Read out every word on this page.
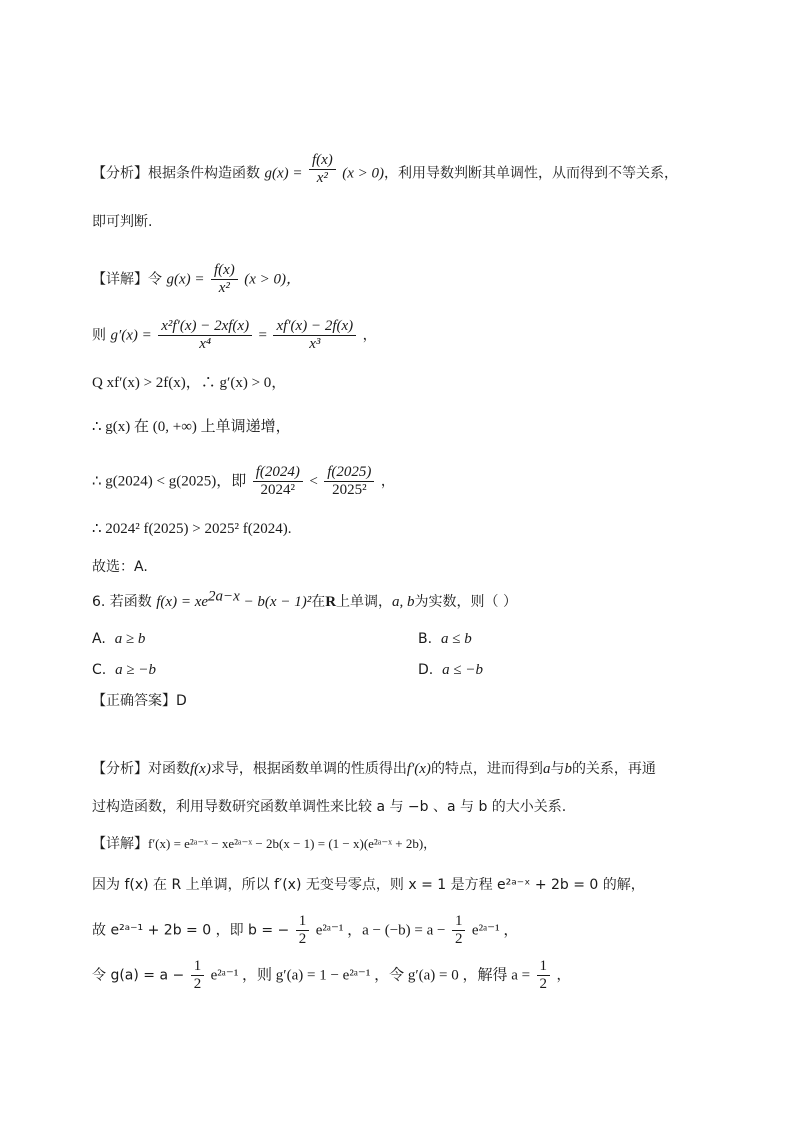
【分析】根据条件构造函数 $g(x) = \frac{f(x)}{\text{x²}} (x > 0)$，利用导数判断其单调性，从而得到不等关系，
即可判断.
【详解】令 $g(x) = \frac{f(x)}{\text{x²}} (x > 0)$，
则 $g'(x) = \frac{\text{x²f′(x) − 2xf(x)}}{\text{x⁴}} = \frac{xf'(x) - 2f(x)}{\text{x³}}$ ，
Q xf′(x) > 2f(x)，∴ g′(x) > 0，
∴ g(x) 在 (0, +∞) 上单调递增，
∴ g(2024) < g(2025)，即 $\frac{f(2024)}{\text{2024²}} < \frac{f(2025)}{\text{2025²}}$ ，
∴ 2024² f(2025) > 2025² f(2024).
故选：A.
6. 若函数 $f(x) = xe^{2a-x} - b(x - 1)^2$在R上单调，a, b为实数，则（ ）
A. a ≥ b	B. a ≤ b
C. a ≥ −b	D. a ≤ −b
【正确答案】D
【分析】对函数f(x)求导，根据函数单调的性质得出f′(x)的特点，进而得到a与b的关系，再通
过构造函数，利用导数研究函数单调性来比较 a 与 −b 、a 与 b 的大小关系.
【详解】f′(x) = e²ᵃ⁻ˣ − xe²ᵃ⁻ˣ − 2b(x − 1) = (1 − x)(e²ᵃ⁻ˣ + 2b)，
因为 f(x) 在 R 上单调，所以 f′(x) 无变号零点，则 x = 1 是方程 e²ᵃ⁻ˣ + 2b = 0 的解，
故 e²ᵃ⁻¹ + 2b = 0 ，即 b = − $\frac{1}{2}$ e²ᵃ⁻¹ ，$a - (-b) = a - \frac{1}{2}$ e²ᵃ⁻¹ ，
令 $g(a) = a - \frac{1}{2}$ e²ᵃ⁻¹ ，则 g′(a) = 1 − e²ᵃ⁻¹ ，令 g′(a) = 0 ，解得 $a = \frac{1}{2}$ ，
